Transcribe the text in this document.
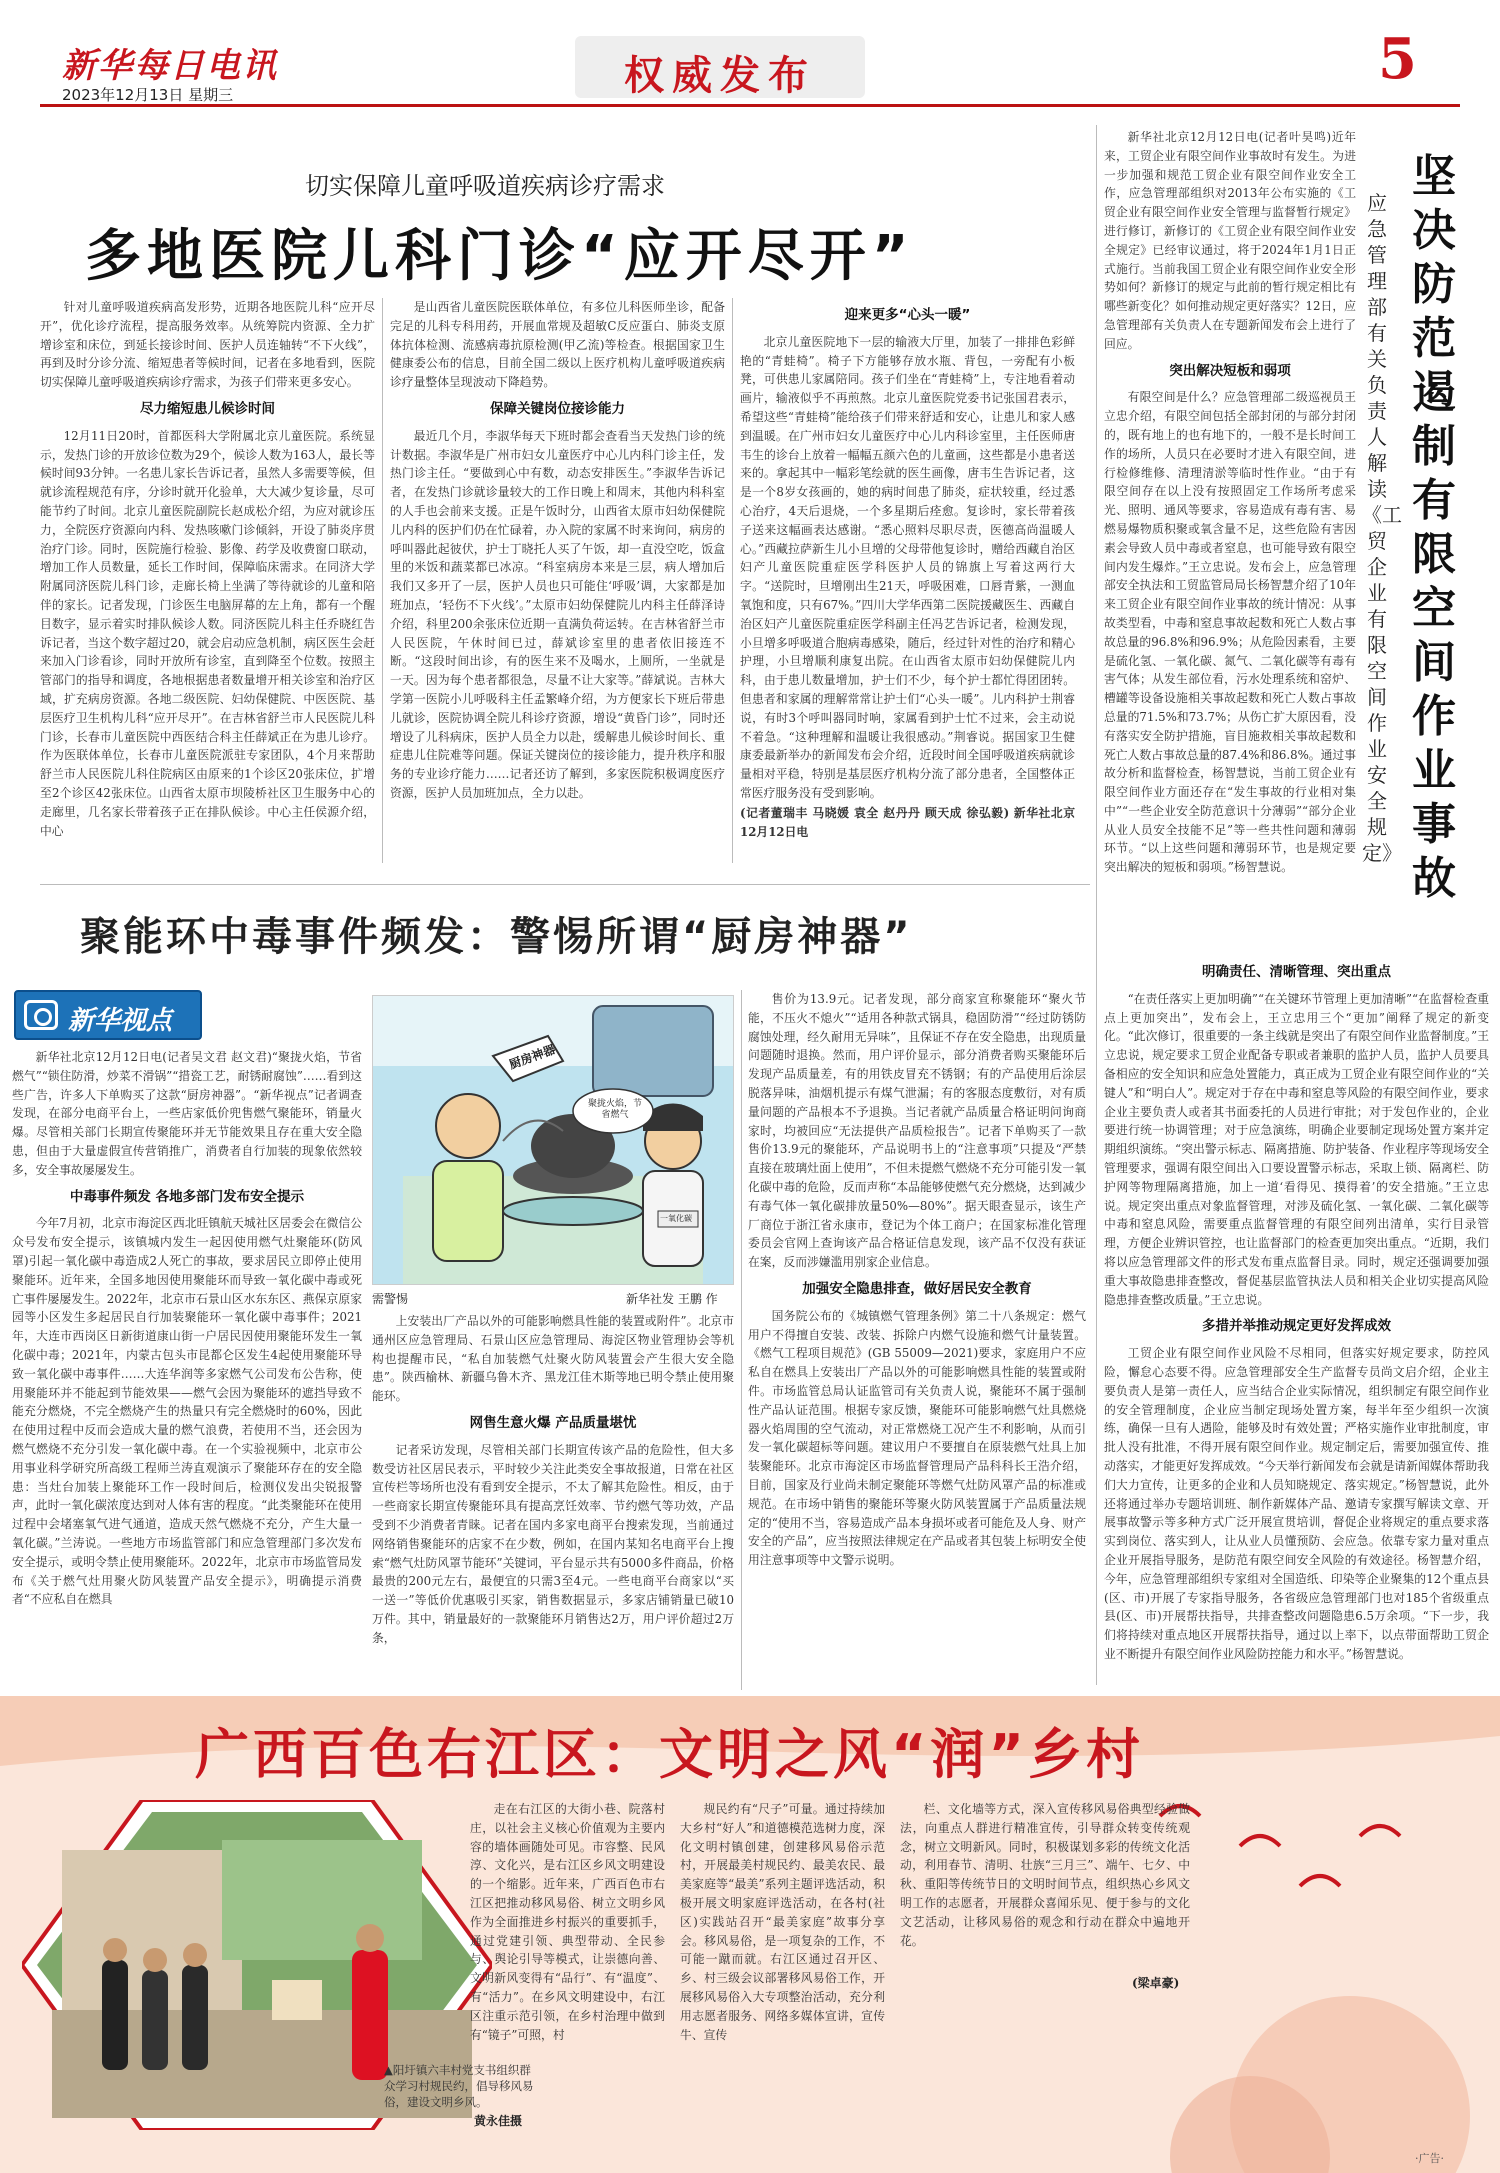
新华每日电讯
2023年12月13日 星期三	权威发布	5
切实保障儿童呼吸道疾病诊疗需求
多地医院儿科门诊“应开尽开”

针对儿童呼吸道疾病高发形势，近期各地医院儿科“应开尽开”，优化诊疗流程，提高服务效率。从统筹院内资源、全力扩增诊室和床位，到延长接诊时间、医护人员连轴转“不下火线”，再到及时分诊分流、缩短患者等候时间，记者在多地看到，医院切实保障儿童呼吸道疾病诊疗需求，为孩子们带来更多安心。

尽力缩短患儿候诊时间

12月11日20时，首都医科大学附属北京儿童医院。系统显示，发热门诊的开放诊位数为29个，候诊人数为163人，最长等候时间93分钟。一名患儿家长告诉记者，虽然人多需要等候，但就诊流程规范有序，分诊时就开化验单，大大减少复诊量，尽可能节约了时间。北京儿童医院副院长赵成松介绍，为应对就诊压力，全院医疗资源向内科、发热咳嗽门诊倾斜，开设了肺炎序贯治疗门诊。同时，医院施行检验、影像、药学及收费窗口联动，增加工作人员数量，延长工作时间，保障临床需求。在同济大学附属同济医院儿科门诊，走廊长椅上坐满了等待就诊的儿童和陪伴的家长。记者发现，门诊医生电脑屏幕的左上角，都有一个醒目数字，显示着实时排队候诊人数。同济医院儿科主任乔晓红告诉记者，当这个数字超过20，就会启动应急机制，病区医生会赶来加入门诊看诊，同时开放所有诊室，直到降至个位数。按照主管部门的指导和调度，各地根据患者数量增开相关诊室和治疗区域，扩充病房资源。各地二级医院、妇幼保健院、中医医院、基层医疗卫生机构儿科“应开尽开”。在吉林省舒兰市人民医院儿科门诊，长春市儿童医院中西医结合科主任薛斌正在为患儿诊疗。作为医联体单位，长春市儿童医院派驻专家团队，4个月来帮助舒兰市人民医院儿科住院病区由原来的1个诊区20张床位，扩增至2个诊区42张床位。山西省太原市坝陵桥社区卫生服务中心的走廊里，几名家长带着孩子正在排队候诊。中心主任侯源介绍，中心

是山西省儿童医院医联体单位，有多位儿科医师坐诊，配备完足的儿科专科用药，开展血常规及超敏C反应蛋白、肺炎支原体抗体检测、流感病毒抗原检测(甲乙流)等检查。根据国家卫生健康委公布的信息，目前全国二级以上医疗机构儿童呼吸道疾病诊疗量整体呈现波动下降趋势。

保障关键岗位接诊能力

最近几个月，李淑华每天下班时都会查看当天发热门诊的统计数据。李淑华是广州市妇女儿童医疗中心儿内科门诊主任，发热门诊主任。“要做到心中有数，动态安排医生。”李淑华告诉记者，在发热门诊就诊量较大的工作日晚上和周末，其他内科科室的人手也会前来支援。正是午饭时分，山西省太原市妇幼保健院儿内科的医护们仍在忙碌着，办入院的家属不时来询问，病房的呼叫器此起彼伏，护士丁晓托人买了午饭，却一直没空吃，饭盒里的米饭和蔬菜都已冰凉。“科室病房本来是三层，病人增加后我们又多开了一层，医护人员也只可能住‘呼吸’调，大家都是加班加点，‘轻伤不下火线’。”太原市妇幼保健院儿内科主任薛泽诗介绍，科里200余张床位近期一直满负荷运转。在吉林省舒兰市人民医院，午休时间已过，薛斌诊室里的患者依旧接连不断。“这段时间出诊，有的医生来不及喝水，上厕所，一坐就是一天。因为每个患者都很急，尽量不让大家等。”薛斌说。吉林大学第一医院小儿呼吸科主任孟繁峰介绍，为方便家长下班后带患儿就诊，医院协调全院儿科诊疗资源，增设“黄昏门诊”，同时还增设了儿科病床，医护人员全力以赴，缓解患儿候诊时间长、重症患儿住院难等问题。保证关键岗位的接诊能力，提升秩序和服务的专业诊疗能力……记者还访了解到，多家医院积极调度医疗资源，医护人员加班加点，全力以赴。

迎来更多“心头一暖”

北京儿童医院地下一层的输液大厅里，加装了一排排色彩鲜艳的“青蛙椅”。椅子下方能够存放水瓶、背包，一旁配有小板凳，可供患儿家属陪同。孩子们坐在“青蛙椅”上，专注地看着动画片，输液似乎不再煎熬。北京儿童医院党委书记张国君表示，希望这些“青蛙椅”能给孩子们带来舒适和安心，让患儿和家人感到温暖。在广州市妇女儿童医疗中心儿内科诊室里，主任医师唐韦生的诊台上放着一幅幅五颜六色的儿童画，这些都是小患者送来的。拿起其中一幅彩笔绘就的医生画像，唐韦生告诉记者，这是一个8岁女孩画的，她的病时间患了肺炎，症状较重，经过悉心治疗，4天后退烧，一个多星期后痊愈。复诊时，家长带着孩子送来这幅画表达感谢。“悉心照料尽职尽责，医德高尚温暖人心。”西藏拉萨新生儿小旦增的父母带他复诊时，赠给西藏自治区妇产儿童医院重症医学科医护人员的锦旗上写着这两行大字。“送院时，旦增刚出生21天，呼吸困难，口唇青紫，一测血氧饱和度，只有67%。”四川大学华西第二医院援藏医生、西藏自治区妇产儿童医院重症医学科副主任冯艺告诉记者，检测发现，小旦增多呼吸道合胞病毒感染，随后，经过针对性的治疗和精心护理，小旦增顺利康复出院。在山西省太原市妇幼保健院儿内科，由于患儿数量增加，护士们不少，每个护士都忙得团团转。但患者和家属的理解常常让护士们“心头一暖”。儿内科护士荆睿说，有时3个呼叫器同时响，家属看到护士忙不过来，会主动说不着急。“这种理解和温暖让我很感动。”荆睿说。据国家卫生健康委最新举办的新闻发布会介绍，近段时间全国呼吸道疾病就诊量相对平稳，特别是基层医疗机构分流了部分患者，全国整体正常医疗服务没有受到影响。

(记者董瑞丰 马晓媛 袁全 赵丹丹 顾天成 徐弘毅) 新华社北京12月12日电

聚能环中毒事件频发：警惕所谓“厨房神器”
新华视点

新华社北京12月12日电(记者吴文君 赵文君)“聚拢火焰，节省燃气”“锁住防滑，炒菜不滑锅”“措瓷工艺，耐锈耐腐蚀”……看到这些广告，许多人下单购买了这款“厨房神器”。“新华视点”记者调查发现，在部分电商平台上，一些店家低价兜售燃气聚能环，销量火爆。尽管相关部门长期宣传聚能环并无节能效果且存在重大安全隐患，但由于大量虚假宣传营销推广，消费者自行加装的现象依然较多，安全事故屡屡发生。

中毒事件频发 各地多部门发布安全提示

今年7月初，北京市海淀区西北旺镇航天城社区居委会在微信公众号发布安全提示，该镇城内发生一起因使用燃气灶聚能环(防风罩)引起一氧化碳中毒造成2人死亡的事故，要求居民立即停止使用聚能环。近年来，全国多地因使用聚能环而导致一氧化碳中毒或死亡事件屡屡发生。2022年，北京市石景山区水东东区、燕保京原家园等小区发生多起居民自行加装聚能环一氧化碳中毒事件；2021年，大连市西岗区日新街道康山街一户居民因使用聚能环发生一氧化碳中毒；2021年，内蒙古包头市昆都仑区发生4起使用聚能环导致一氧化碳中毒事件……大连华润等多家燃气公司发布公告称，使用聚能环并不能起到节能效果——燃气会因为聚能环的遮挡导致不能充分燃烧，不完全燃烧产生的热量只有完全燃烧时的60%，因此在使用过程中反而会造成大量的燃气浪费，若使用不当，还会因为燃气燃烧不充分引发一氧化碳中毒。在一个实验视频中，北京市公用事业科学研究所高级工程师兰涛直观演示了聚能环存在的安全隐患：当灶台加装上聚能环工作一段时间后，检测仪发出尖锐报警声，此时一氧化碳浓度达到对人体有害的程度。“此类聚能环在使用过程中会堵塞氧气进气通道，造成天然气燃烧不充分，产生大量一氧化碳。”兰涛说。一些地方市场监管部门和应急管理部门多次发布安全提示，或明令禁止使用聚能环。2022年，北京市市场监管局发布《关于燃气灶用聚火防风装置产品安全提示》，明确提示消费者“不应私自在燃具

厨房神器
聚拢火焰，节省燃气
一氧化碳
需警惕	新华社发 王鹏 作

上安装出厂产品以外的可能影响燃具性能的装置或附件”。北京市通州区应急管理局、石景山区应急管理局、海淀区物业管理协会等机构也提醒市民，“私自加装燃气灶聚火防风装置会产生很大安全隐患”。陕西榆林、新疆乌鲁木齐、黑龙江佳木斯等地已明令禁止使用聚能环。

网售生意火爆 产品质量堪忧

记者采访发现，尽管相关部门长期宣传该产品的危险性，但大多数受访社区居民表示，平时较少关注此类安全事故报道，日常在社区宣传栏等场所也没有看到安全提示，不太了解其危险性。相反，由于一些商家长期宣传聚能环具有提高烹饪效率、节约燃气等功效，产品受到不少消费者青睐。记者在国内多家电商平台搜索发现，当前通过网络销售聚能环的店家不在少数，例如，在国内某知名电商平台上搜索“燃气灶防风罩节能环”关键词，平台显示共有5000多件商品，价格最贵的200元左右，最便宜的只需3至4元。一些电商平台商家以“买一送一”等低价优惠吸引买家，销售数据显示，多家店铺销量已破10万件。其中，销量最好的一款聚能环月销售达2万，用户评价超过2万条，

售价为13.9元。记者发现，部分商家宣称聚能环“聚火节能，不压火不熄火”“适用各种款式锅具，稳固防滑”“经过防锈防腐蚀处理，经久耐用无异味”，且保证不存在安全隐患，出现质量问题随时退换。然而，用户评价显示，部分消费者购买聚能环后发现产品质量差，有的用铁皮冒充不锈钢；有的产品使用后涂层脱落异味，油烟机提示有煤气泄漏；有的客服态度敷衍，对有质量问题的产品根本不予退换。当记者就产品质量合格证明问询商家时，均被回应“无法提供产品质检报告”。记者下单购买了一款售价13.9元的聚能环，产品说明书上的“注意事项”只提及“严禁直接在玻璃灶面上使用”，不但未提燃气燃烧不充分可能引发一氧化碳中毒的危险，反而声称“本品能够使燃气充分燃烧，达到减少有毒气体一氧化碳排放量50%—80%”。据天眼查显示，该生产厂商位于浙江省永康市，登记为个体工商户；在国家标准化管理委员会官网上查询该产品合格证信息发现，该产品不仅没有获证在案，反而涉嫌滥用别家企业信息。

加强安全隐患排查，做好居民安全教育

国务院公布的《城镇燃气管理条例》第二十八条规定：燃气用户不得擅自安装、改装、拆除户内燃气设施和燃气计量装置。《燃气工程项目规范》(GB 55009—2021)要求，家庭用户不应私自在燃具上安装出厂产品以外的可能影响燃具性能的装置或附件。市场监管总局认证监管司有关负责人说，聚能环不属于强制性产品认证范围。根据专家反馈，聚能环可能影响燃气灶具燃烧器火焰周围的空气流动，对正常燃烧工况产生不利影响，从而引发一氧化碳超标等问题。建议用户不要擅自在原装燃气灶具上加装聚能环。北京市海淀区市场监督管理局产品科科长王浩介绍，目前，国家及行业尚未制定聚能环等燃气灶防风罩产品的标准或规范。在市场中销售的聚能环等聚火防风装置属于产品质量法规定的“使用不当，容易造成产品本身损坏或者可能危及人身、财产安全的产品”，应当按照法律规定在产品或者其包装上标明安全使用注意事项等中文警示说明。

坚决防范遏制有限空间作业事故
应急管理部有关负责人解读《工贸企业有限空间作业安全规定》

新华社北京12月12日电(记者叶昊鸣)近年来，工贸企业有限空间作业事故时有发生。为进一步加强和规范工贸企业有限空间作业安全工作，应急管理部组织对2013年公布实施的《工贸企业有限空间作业安全管理与监督暂行规定》进行修订，新修订的《工贸企业有限空间作业安全规定》已经审议通过，将于2024年1月1日正式施行。当前我国工贸企业有限空间作业安全形势如何？新修订的规定与此前的暂行规定相比有哪些新变化？如何推动规定更好落实？12日，应急管理部有关负责人在专题新闻发布会上进行了回应。

突出解决短板和弱项

有限空间是什么？应急管理部二级巡视员王立忠介绍，有限空间包括全部封闭的与部分封闭的，既有地上的也有地下的，一般不是长时间工作的场所，人员只在必要时才进入有限空间，进行检修维修、清理清淤等临时性作业。“由于有限空间存在以上没有按照固定工作场所考虑采光、照明、通风等要求，容易造成有毒有害、易燃易爆物质积聚或氧含量不足，这些危险有害因素会导致人员中毒或者窒息，也可能导致有限空间内发生爆炸。”王立忠说。发布会上，应急管理部安全执法和工贸监管局局长杨智慧介绍了10年来工贸企业有限空间作业事故的统计情况：从事故类型看，中毒和窒息事故起数和死亡人数占事故总量的96.8%和96.9%；从危险因素看，主要是硫化氢、一氧化碳、氮气、二氧化碳等有毒有害气体；从发生部位看，污水处理系统和窑炉、槽罐等设备设施相关事故起数和死亡人数占事故总量的71.5%和73.7%；从伤亡扩大原因看，没有落实安全防护措施，盲目施救相关事故起数和死亡人数占事故总量的87.4%和86.8%。通过事故分析和监督检查，杨智慧说，当前工贸企业有限空间作业方面还存在“发生事故的行业相对集中”“一些企业安全防范意识十分薄弱”“部分企业从业人员安全技能不足”等一些共性问题和薄弱环节。“以上这些问题和薄弱环节，也是规定要突出解决的短板和弱项。”杨智慧说。

明确责任、清晰管理、突出重点

“在责任落实上更加明确”“在关键环节管理上更加清晰”“在监督检查重点上更加突出”，发布会上，王立忠用三个“更加”阐释了规定的新变化。“此次修订，很重要的一条主线就是突出了有限空间作业监督制度。”王立忠说，规定要求工贸企业配备专职或者兼职的监护人员，监护人员要具备相应的安全知识和应急处置能力，真正成为工贸企业有限空间作业的“关键人”和“明白人”。规定对于存在中毒和窒息等风险的有限空间作业，要求企业主要负责人或者其书面委托的人员进行审批；对于发包作业的，企业要进行统一协调管理；对于应急演练，明确企业要制定现场处置方案并定期组织演练。“突出警示标志、隔离措施、防护装备、作业程序等现场安全管理要求，强调有限空间出入口要设置警示标志，采取上锁、隔离栏、防护网等物理隔离措施，加上一道‘看得见、摸得着’的安全措施。”王立忠说。规定突出重点对象监督管理，对涉及硫化氢、一氧化碳、二氧化碳等中毒和窒息风险，需要重点监督管理的有限空间列出清单，实行目录管理，方便企业辨识管控，也让监督部门的检查更加突出重点。“近期，我们将以应急管理部文件的形式发布重点监督目录。同时，规定还强调要加强重大事故隐患排查整改，督促基层监管执法人员和相关企业切实提高风险隐患排查整改质量。”王立忠说。

多措并举推动规定更好发挥成效

工贸企业有限空间作业风险不尽相同，但落实好规定要求，防控风险，懈怠心态要不得。应急管理部安全生产监督专员尚文启介绍，企业主要负责人是第一责任人，应当结合企业实际情况，组织制定有限空间作业的安全管理制度，企业应当制定现场处置方案，每半年至少组织一次演练，确保一旦有人遇险，能够及时有效处置；严格实施作业审批制度，审批人没有批准，不得开展有限空间作业。规定制定后，需要加强宣传、推动落实，才能更好发挥成效。“今天举行新闻发布会就是请新闻媒体帮助我们大力宣传，让更多的企业和人员知晓规定、落实规定。”杨智慧说，此外还将通过举办专题培训班、制作新媒体产品、邀请专家撰写解读文章、开展事故警示等多种方式广泛开展宣贯培训，督促企业将规定的重点要求落实到岗位、落实到人，让从业人员懂预防、会应急。依靠专家力量对重点企业开展指导服务，是防范有限空间安全风险的有效途径。杨智慧介绍，今年，应急管理部组织专家组对全国造纸、印染等企业聚集的12个重点县(区、市)开展了专家指导服务，各省级应急管理部门也对185个省级重点县(区、市)开展帮扶指导，共排查整改问题隐患6.5万余项。“下一步，我们将持续对重点地区开展帮扶指导，通过以上率下，以点带面帮助工贸企业不断提升有限空间作业风险防控能力和水平。”杨智慧说。

广西百色右江区：文明之风“润”乡村
▲阳圩镇六丰村党支书组织群众学习村规民约，倡导移风易俗，建设文明乡风。
黄永佳摄

走在右江区的大街小巷、院落村庄，以社会主义核心价值观为主要内容的墙体画随处可见。市容整、民风淳、文化兴，是右江区乡风文明建设的一个缩影。近年来，广西百色市右江区把推动移风易俗、树立文明乡风作为全面推进乡村振兴的重要抓手，通过党建引领、典型带动、全民参与、舆论引导等模式，让崇德向善、文明新风变得有“品行”、有“温度”、有“活力”。在乡风文明建设中，右江区注重示范引领，在乡村治理中做到有“镜子”可照，村

规民约有“尺子”可量。通过持续加大乡村“好人”和道德模范选树力度，深化文明村镇创建，创建移风易俗示范村，开展最美村规民约、最美农民、最美家庭等“最美”系列主题评选活动，积极开展文明家庭评选活动，在各村(社区)实践站召开“最美家庭”故事分享会。移风易俗，是一项复杂的工作，不可能一蹴而就。右江区通过召开区、乡、村三级会议部署移风易俗工作，开展移风易俗入大专项整治活动，充分利用志愿者服务、网络多媒体宣讲，宣传牛、宣传

栏、文化墙等方式，深入宣传移风易俗典型经验做法，向重点人群进行精准宣传，引导群众转变传统观念，树立文明新风。同时，积极谋划多彩的传统文化活动，利用春节、清明、壮族“三月三”、端午、七夕、中秋、重阳等传统节日的文明时间节点，组织热心乡风文明工作的志愿者，开展群众喜闻乐见、便于参与的文化文艺活动，让移风易俗的观念和行动在群众中遍地开花。

(梁卓豪)
·广告·
